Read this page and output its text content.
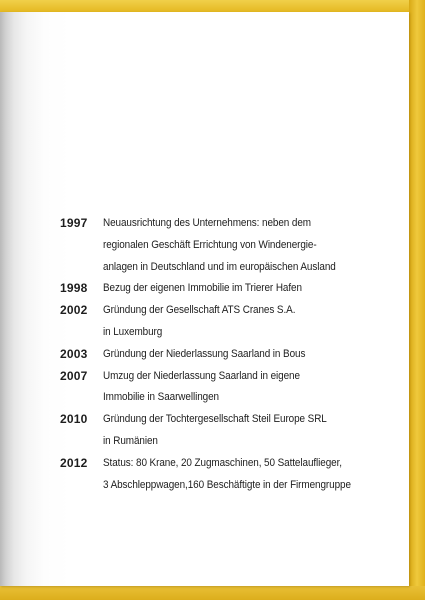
1997	Neuausrichtung des Unternehmens: neben dem
regionalen Geschäft Errichtung von Windenergie-
anlagen in Deutschland und im europäischen Ausland
1998	Bezug der eigenen Immobilie im Trierer Hafen
2002	Gründung der Gesellschaft ATS Cranes S.A.
in Luxemburg
2003	Gründung der Niederlassung Saarland in Bous
2007	Umzug der Niederlassung Saarland in eigene
Immobilie in Saarwellingen
2010	Gründung der Tochtergesellschaft Steil Europe SRL
in Rumänien
2012	Status: 80 Krane, 20 Zugmaschinen, 50 Sattelauflieger,
3 Abschleppwagen,160 Beschäftigte in der Firmengruppe
